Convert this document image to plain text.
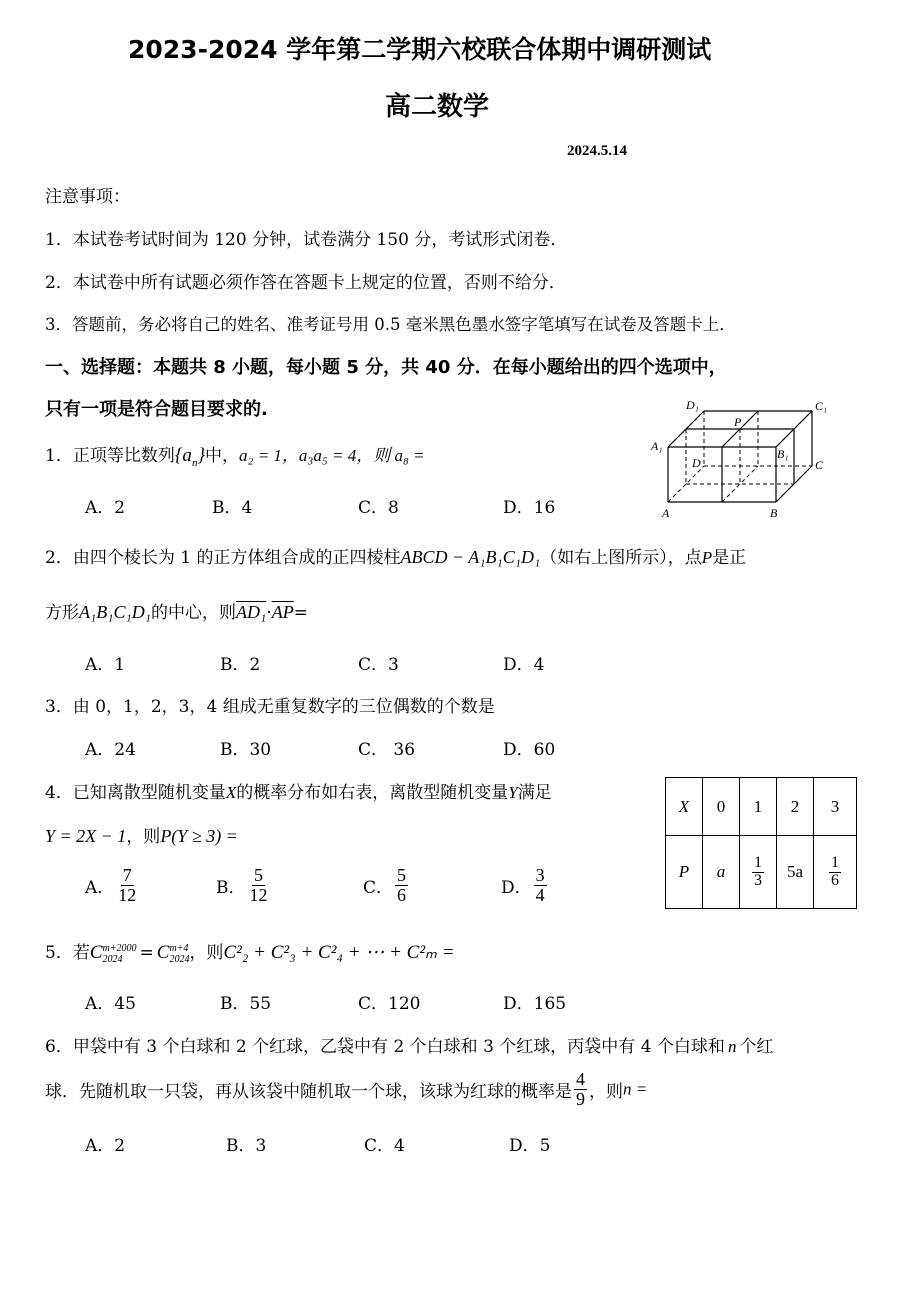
2023-2024 学年第二学期六校联合体期中调研测试
高二数学
2024.5.14
注意事项：
1．本试卷考试时间为 120 分钟，试卷满分 150 分，考试形式闭卷．
2．本试卷中所有试题必须作答在答题卡上规定的位置，否则不给分．
3．答题前，务必将自己的姓名、准考证号用 0.5 毫米黑色墨水签字笔填写在试卷及答题卡上．
一、选择题：本题共 8 小题，每小题 5 分，共 40 分．在每小题给出的四个选项中，
只有一项是符合题目要求的.
1．正项等比数列$\{a_n\}$中，a₂ = 1，a₃a₅ = 4，则 a₈ =
A．2	B．4	C．8	D．16
D₁
P
C₁
A₁
D
B₁
C
A	B
2．由四个棱长为 1 的正方体组合成的正四棱柱ABCD − A₁B₁C₁D₁（如右上图所示），点P是正
方形A₁B₁C₁D₁的中心，则$AD_1\cdot\overline{AP}=$
A．1	B．2	C．3	D．4
3．由 0，1，2，3，4 组成无重复数字的三位偶数的个数是
A．24	B．30	C． 36	D．60
4．已知离散型随机变量X的概率分布如右表，离散型随机变量Y满足
Y = 2X − 1，则P(Y ≥ 3) =
A． $\frac{7}{12}$	B． $\frac{5}{12}$	C． $\frac{5}{6}$	D． $\frac{3}{4}$
X	0	1	2	3
P	a	$\frac{1}{3}$	5a	$\frac{1}{6}$
5．若C m+2000
2024 = C m+4
2024 ，则C²₂ + C²₃ + C²₄ + ⋯ + C²ₘ =
A．45	B．55	C．120	D．165
6．甲袋中有 3 个白球和 2 个红球，乙袋中有 2 个白球和 3 个红球，丙袋中有 4 个白球和 n 个红
球．先随机取一只袋，再从该袋中随机取一个球，该球为红球的概率是 $\frac{4}{9}$ ，则n =
A．2	B．3	C．4	D．5
